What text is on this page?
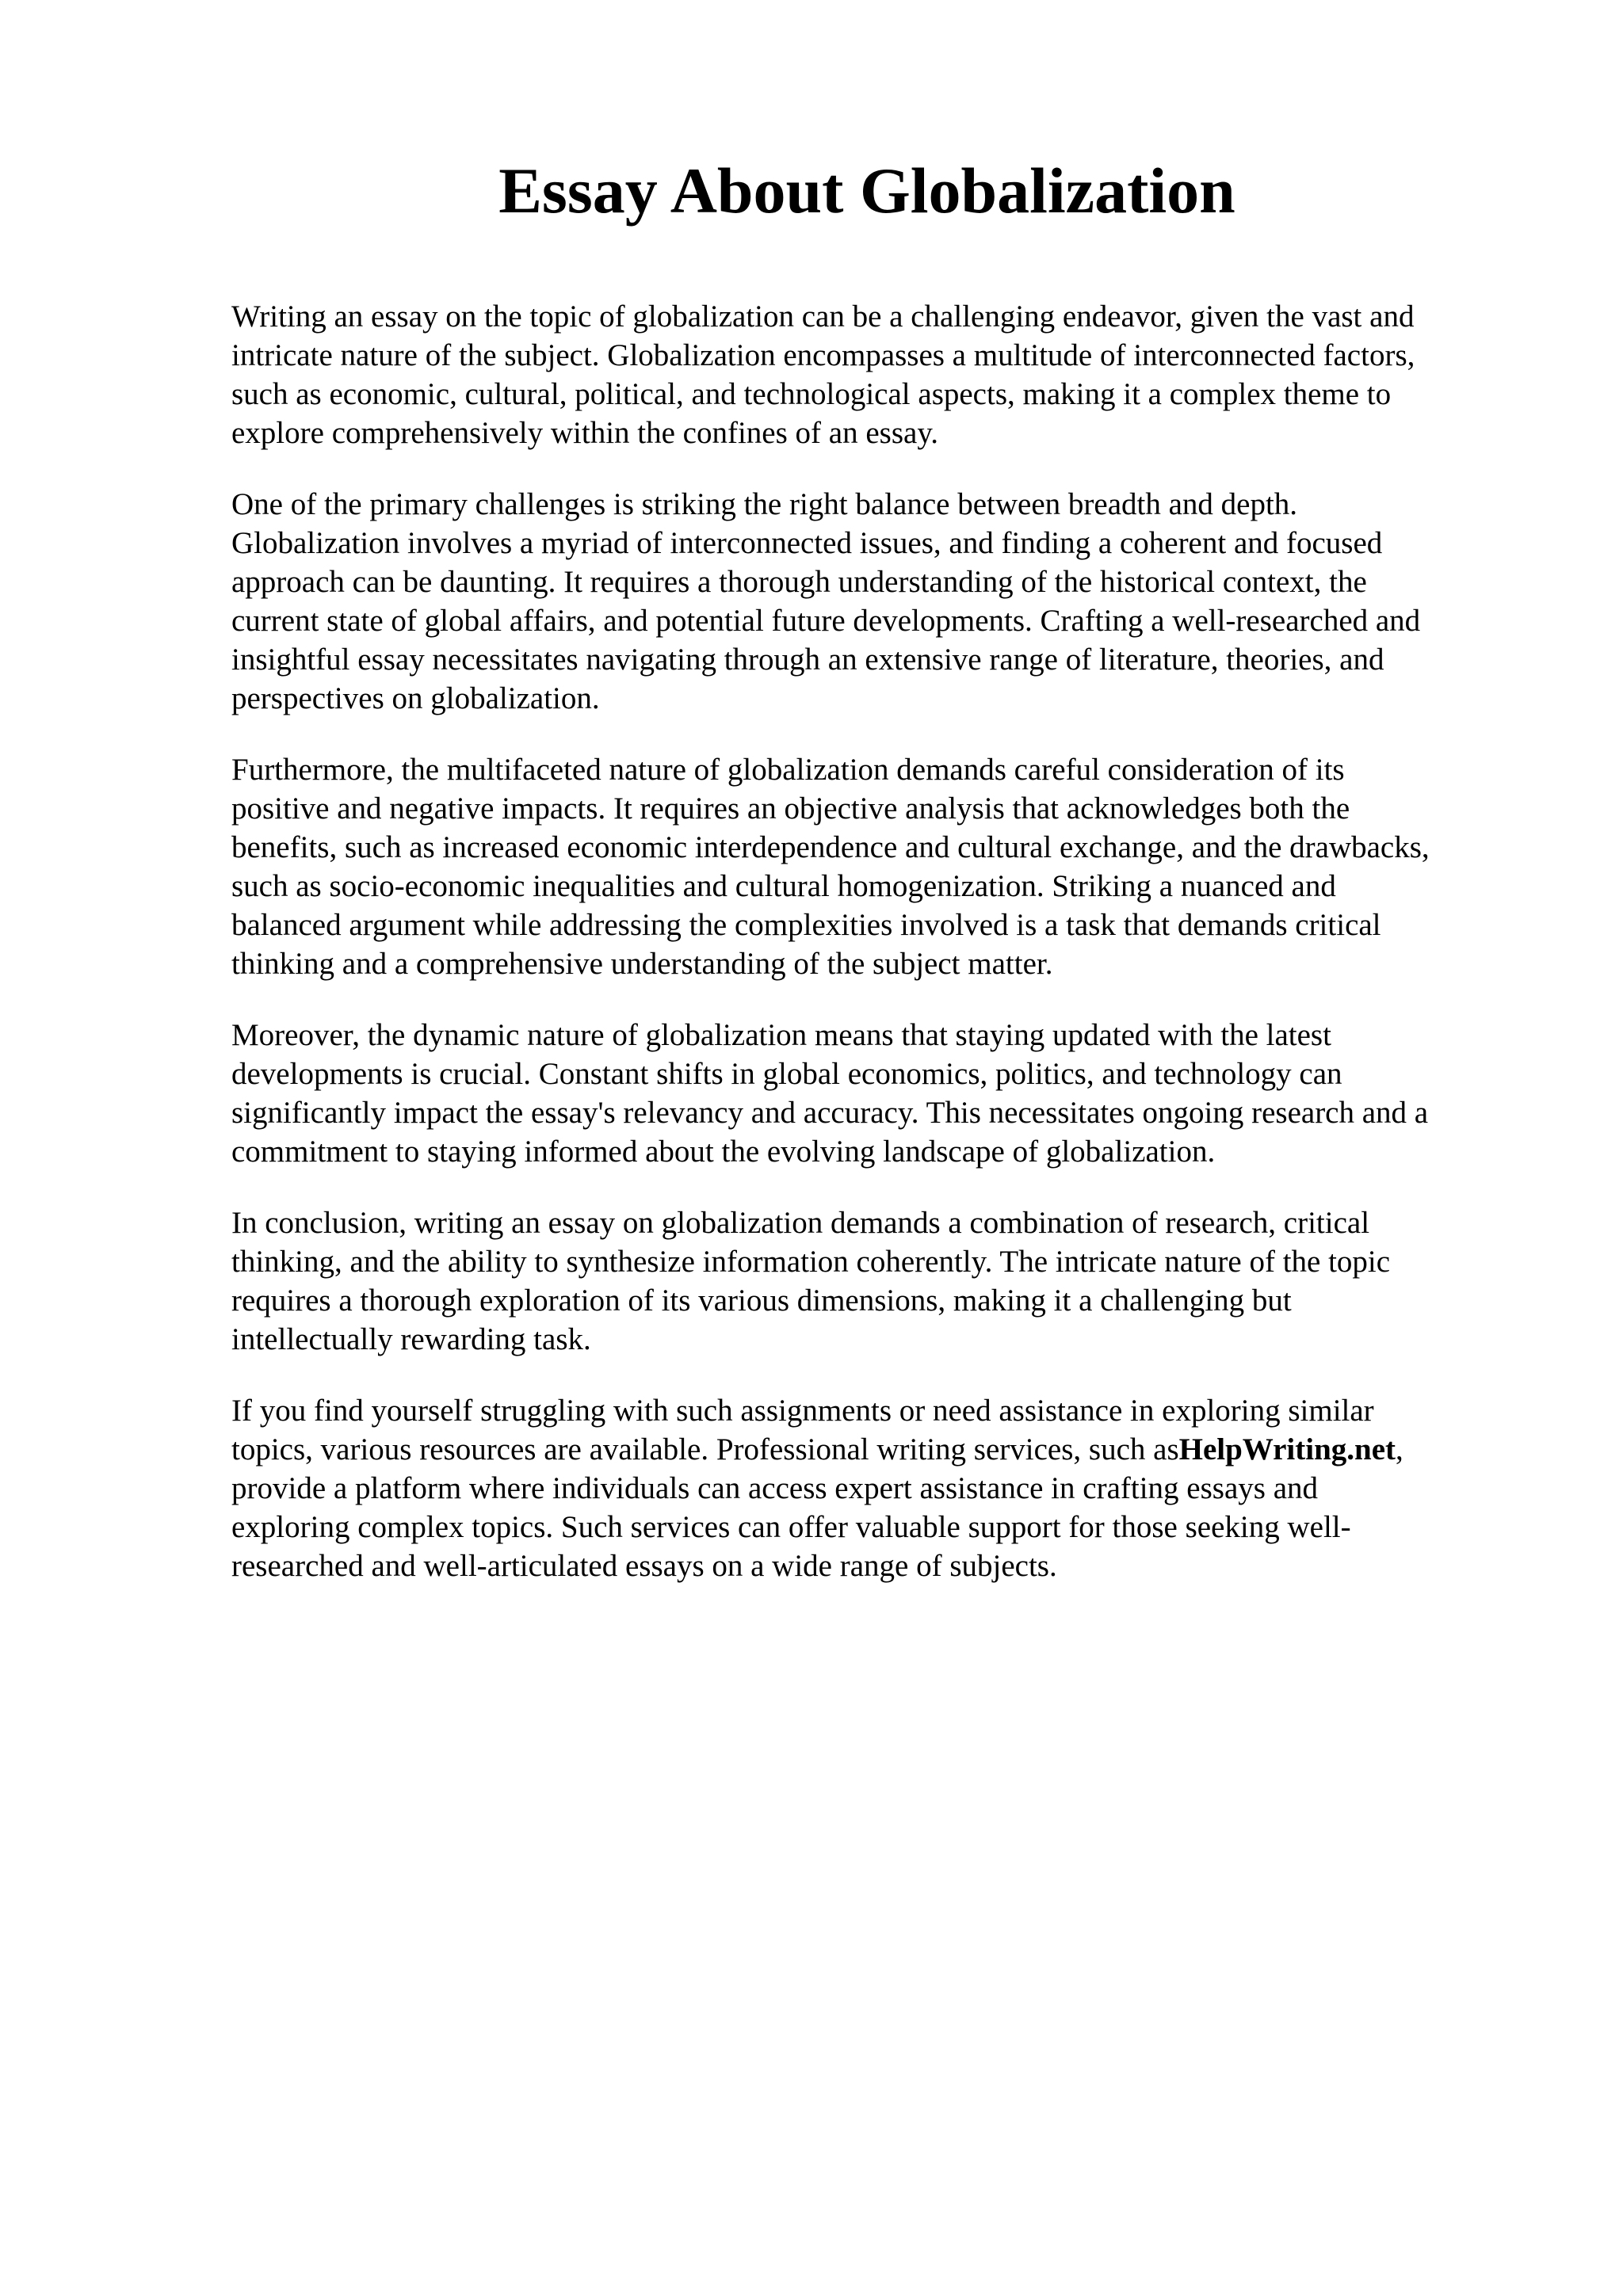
Essay About Globalization

Writing an essay on the topic of globalization can be a challenging endeavor, given the vast and
intricate nature of the subject. Globalization encompasses a multitude of interconnected factors,
such as economic, cultural, political, and technological aspects, making it a complex theme to
explore comprehensively within the confines of an essay.

One of the primary challenges is striking the right balance between breadth and depth.
Globalization involves a myriad of interconnected issues, and finding a coherent and focused
approach can be daunting. It requires a thorough understanding of the historical context, the
current state of global affairs, and potential future developments. Crafting a well-researched and
insightful essay necessitates navigating through an extensive range of literature, theories, and
perspectives on globalization.

Furthermore, the multifaceted nature of globalization demands careful consideration of its
positive and negative impacts. It requires an objective analysis that acknowledges both the
benefits, such as increased economic interdependence and cultural exchange, and the drawbacks,
such as socio-economic inequalities and cultural homogenization. Striking a nuanced and
balanced argument while addressing the complexities involved is a task that demands critical
thinking and a comprehensive understanding of the subject matter.

Moreover, the dynamic nature of globalization means that staying updated with the latest
developments is crucial. Constant shifts in global economics, politics, and technology can
significantly impact the essay's relevancy and accuracy. This necessitates ongoing research and a
commitment to staying informed about the evolving landscape of globalization.

In conclusion, writing an essay on globalization demands a combination of research, critical
thinking, and the ability to synthesize information coherently. The intricate nature of the topic
requires a thorough exploration of its various dimensions, making it a challenging but
intellectually rewarding task.

If you find yourself struggling with such assignments or need assistance in exploring similar
topics, various resources are available. Professional writing services, such asHelpWriting.net,
provide a platform where individuals can access expert assistance in crafting essays and
exploring complex topics. Such services can offer valuable support for those seeking well-
researched and well-articulated essays on a wide range of subjects.
